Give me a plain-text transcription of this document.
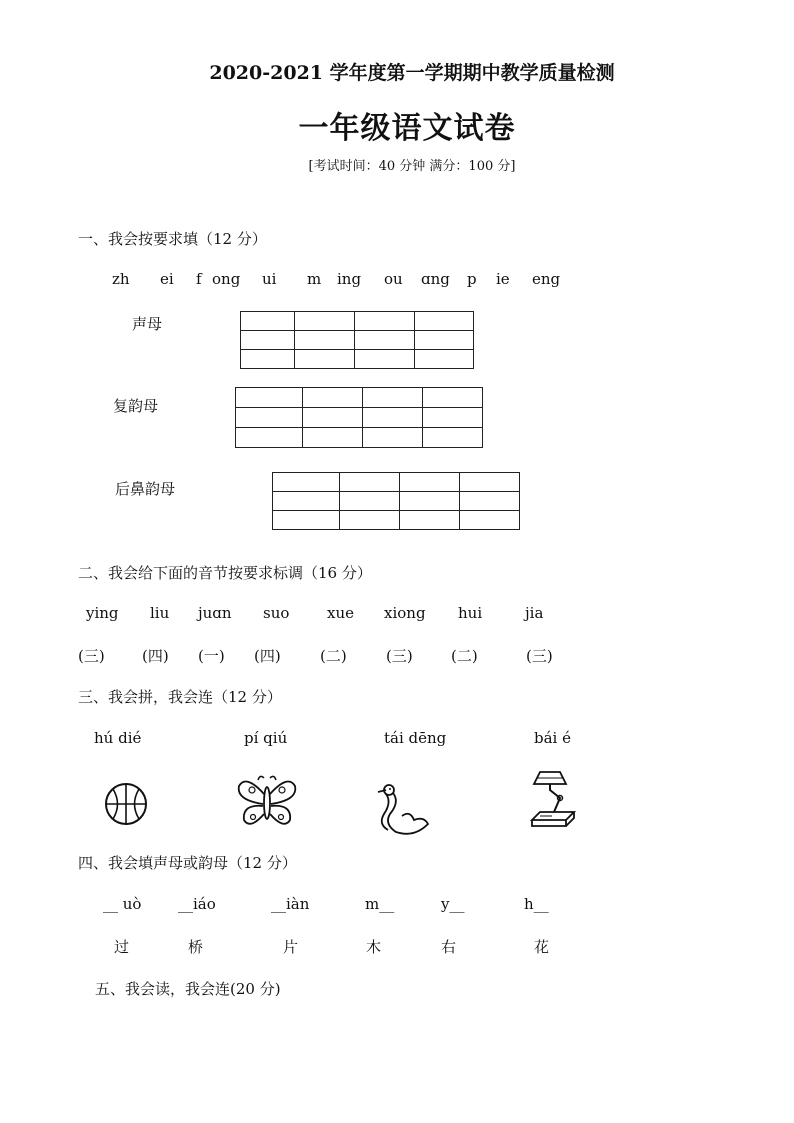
2020-2021 学年度第一学期期中教学质量检测
一年级语文试卷
[考试时间：40 分钟 满分：100 分]
一、我会按要求填（12 分）
zh ei f ong ui m ing ou ɑng p ie eng
声母

复韵母

后鼻韵母

二、我会给下面的音节按要求标调（16 分）
ying liu juɑn suo	xue xiong hui	jia
(三) (四) (一) (四)	(二)	(三)	(二)	(三)
三、我会拼，我会连（12 分）
hú dié	pí qiú	tái dēng	bái é
四、我会填声母或韵母（12 分）
__ uò __iáo	__iàn	m__	y__	h__
过	桥	片	木	右	花
五、我会读，我会连(20 分)
